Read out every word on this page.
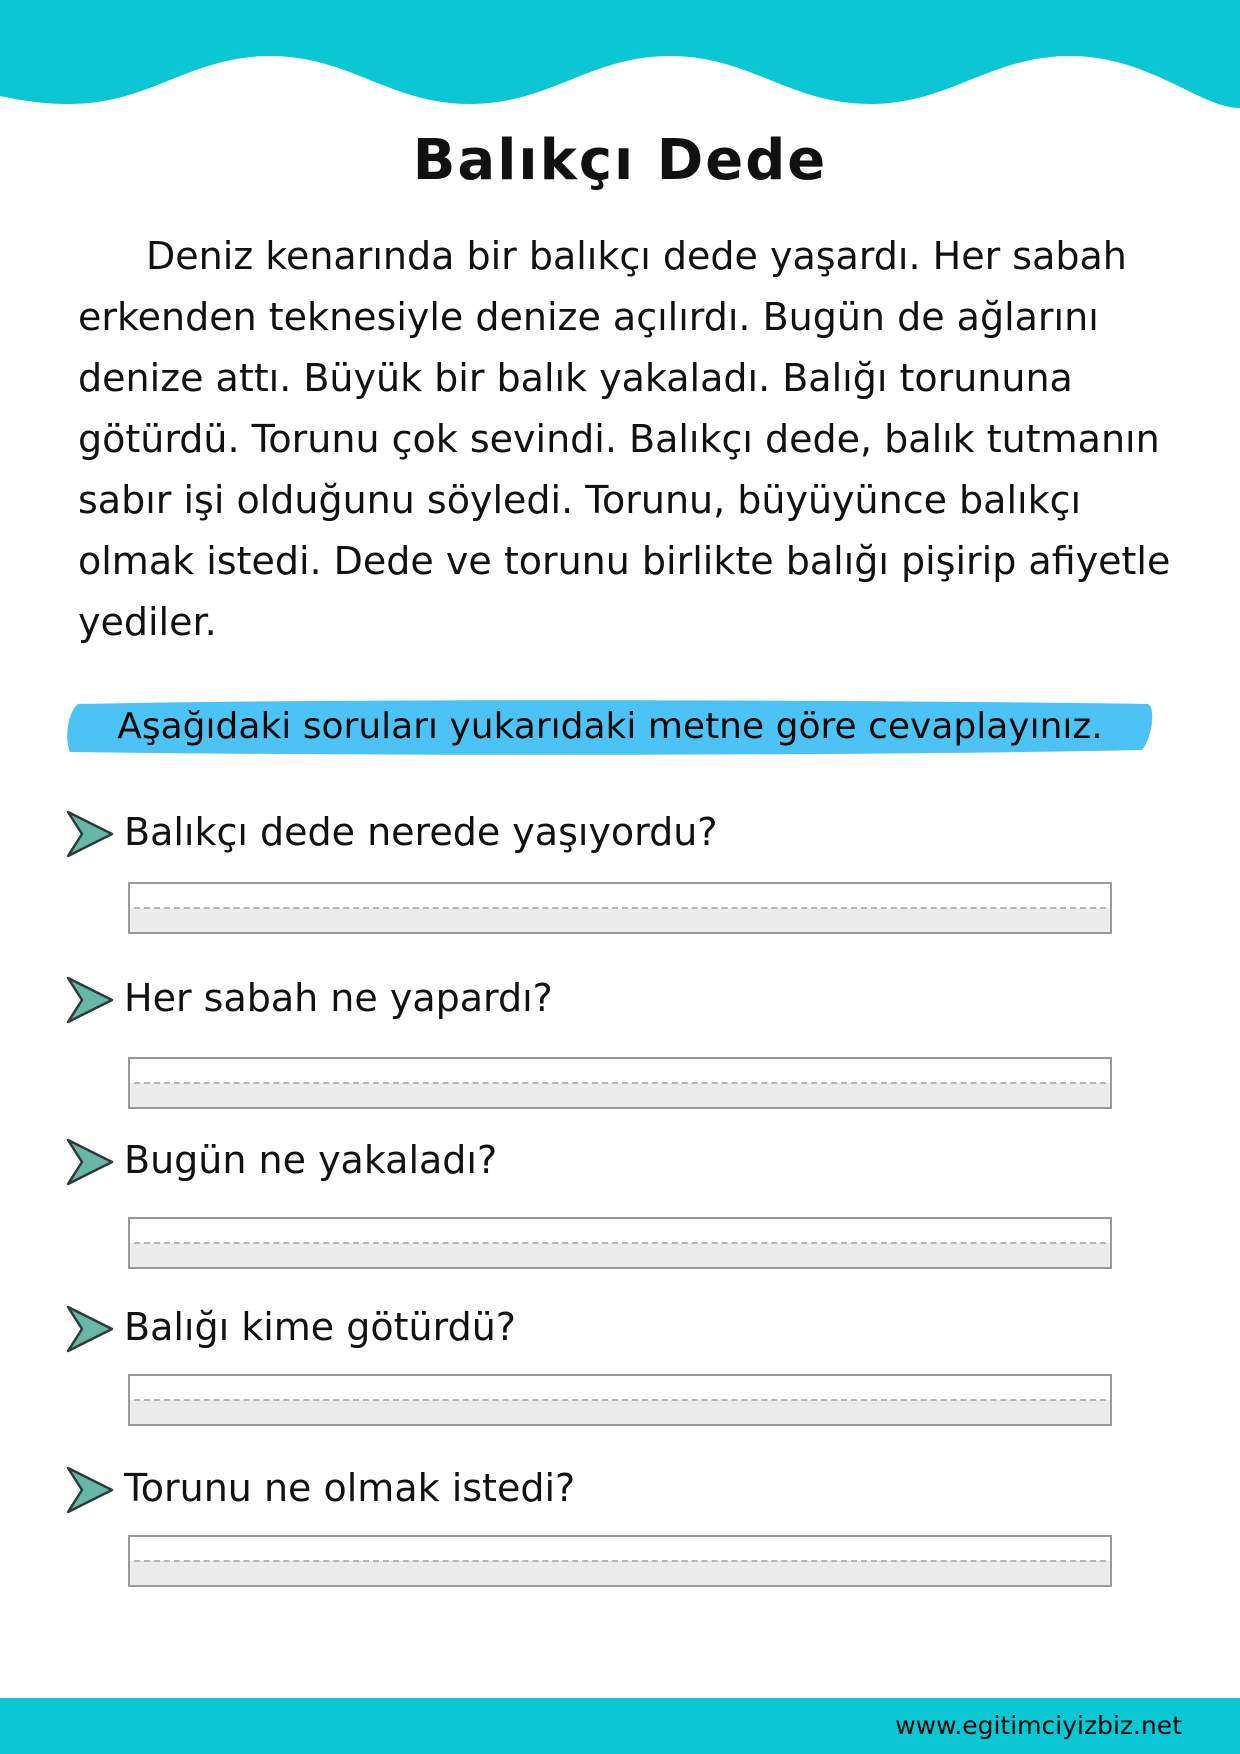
Balıkçı Dede

Deniz kenarında bir balıkçı dede yaşardı. Her sabah erkenden teknesiyle denize açılırdı. Bugün de ağlarını denize attı. Büyük bir balık yakaladı. Balığı torununa götürdü. Torunu çok sevindi. Balıkçı dede, balık tutmanın sabır işi olduğunu söyledi. Torunu, büyüyünce balıkçı olmak istedi. Dede ve torunu birlikte balığı pişirip afiyetle yediler.

Aşağıdaki soruları yukarıdaki metne göre cevaplayınız.
Balıkçı dede nerede yaşıyordu?
Her sabah ne yapardı?
Bugün ne yakaladı?
Balığı kime götürdü?
Torunu ne olmak istedi?
www.egitimciyizbiz.net
